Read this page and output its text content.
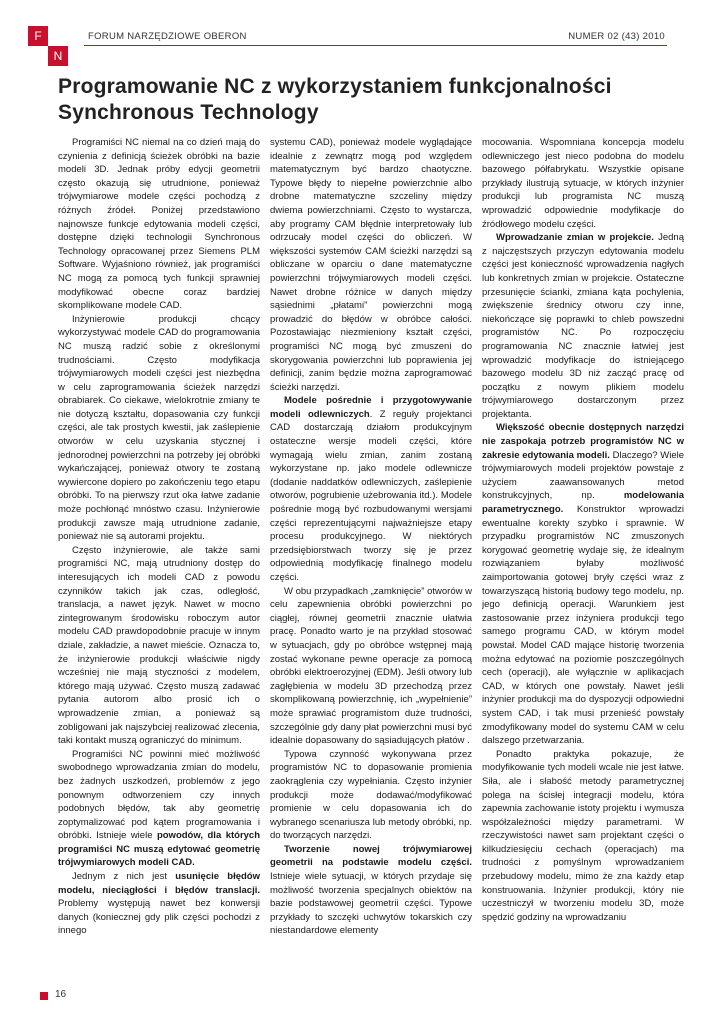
F
N
FORUM NARZĘDZIOWE OBERON	NUMER 02 (43) 2010
Programowanie NC z wykorzystaniem funkcjonalności Synchronous Technology

Programiści NC niemal na co dzień mają do czynienia z definicją ścieżek obróbki na bazie modeli 3D. Jednak próby edycji geometrii często okazują się utrudnione, ponieważ trójwymiarowe modele części pochodzą z różnych źródeł. Poniżej przedstawiono najnowsze funkcje edytowania modeli części, dostępne dzięki technologii Synchronous Technology opracowanej przez Siemens PLM Software. Wyjaśniono również, jak programiści NC mogą za pomocą tych funkcji sprawniej modyfikować obecne coraz bardziej skomplikowane modele CAD.

Inżynierowie produkcji chcący wykorzystywać modele CAD do programowania NC muszą radzić sobie z określonymi trudnościami. Często modyfikacja trójwymiarowych modeli części jest niezbędna w celu zaprogramowania ścieżek narzędzi obrabiarek. Co ciekawe, wielokrotnie zmiany te nie dotyczą kształtu, dopasowania czy funkcji części, ale tak prostych kwestii, jak zaślepienie otworów w celu uzyskania stycznej i jednorodnej powierzchni na potrzeby jej obróbki wykańczającej, ponieważ otwory te zostaną wywiercone dopiero po zakończeniu tego etapu obróbki. To na pierwszy rzut oka łatwe zadanie może pochłonąć mnóstwo czasu. Inżynierowie produkcji zawsze mają utrudnione zadanie, ponieważ nie są autorami projektu.

Często inżynierowie, ale także sami programiści NC, mają utrudniony dostęp do interesujących ich modeli CAD z powodu czynników takich jak czas, odległość, translacja, a nawet język. Nawet w mocno zintegrowanym środowisku roboczym autor modelu CAD prawdopodobnie pracuje w innym dziale, zakładzie, a nawet mieście. Oznacza to, że inżynierowie produkcji właściwie nigdy wcześniej nie mają styczności z modelem, którego mają używać. Często muszą zadawać pytania autorom albo prosić ich o wprowadzenie zmian, a ponieważ są zobligowani jak najszybciej realizować zlecenia, taki kontakt muszą ograniczyć do minimum.

Programiści NC powinni mieć możliwość swobodnego wprowadzania zmian do modelu, bez żadnych uszkodzeń, problemów z jego ponownym odtworzeniem czy innych podobnych błędów, tak aby geometrię zoptymalizować pod kątem programowania i obróbki. Istnieje wiele powodów, dla których programiści NC muszą edytować geometrię trójwymiarowych modeli CAD.

Jednym z nich jest usunięcie błędów modelu, nieciągłości i błędów translacji. Problemy występują nawet bez konwersji danych (koniecznej gdy plik części pochodzi z innego

systemu CAD), ponieważ modele wyglądające idealnie z zewnątrz mogą pod względem matematycznym być bardzo chaotyczne. Typowe błędy to niepełne powierzchnie albo drobne matematyczne szczeliny między dwiema powierzchniami. Często to wystarcza, aby programy CAM błędnie interpretowały lub odrzucały model części do obliczeń. W większości systemów CAM ścieżki narzędzi są obliczane w oparciu o dane matematyczne powierzchni trójwymiarowych modeli części. Nawet drobne różnice w danych między sąsiednimi „płatami” powierzchni mogą prowadzić do błędów w obróbce całości. Pozostawiając niezmieniony kształt części, programiści NC mogą być zmuszeni do skorygowania powierzchni lub poprawienia jej definicji, zanim będzie można zaprogramować ścieżki narzędzi.

Modele pośrednie i przygotowywanie modeli odlewniczych. Z reguły projektanci CAD dostarczają działom produkcyjnym ostateczne wersje modeli części, które wymagają wielu zmian, zanim zostaną wykorzystane np. jako modele odlewnicze (dodanie naddatków odlewniczych, zaślepienie otworów, pogrubienie użebrowania itd.). Modele pośrednie mogą być rozbudowanymi wersjami części reprezentującymi najważniejsze etapy procesu produkcyjnego. W niektórych przedsiębiorstwach tworzy się je przez odpowiednią modyfikację finalnego modelu części.

W obu przypadkach „zamknięcie” otworów w celu zapewnienia obróbki powierzchni po ciągłej, równej geometrii znacznie ułatwia pracę. Ponadto warto je na przykład stosować w sytuacjach, gdy po obróbce wstępnej mają zostać wykonane pewne operacje za pomocą obróbki elektroerozyjnej (EDM). Jeśli otwory lub zagłębienia w modelu 3D przechodzą przez skomplikowaną powierzchnię, ich „wypełnienie” może sprawiać programistom duże trudności, szczególnie gdy dany płat powierzchni musi być idealnie dopasowany do sąsiadujących płatów .

Typowa czynność wykonywana przez programistów NC to dopasowanie promienia zaokrąglenia czy wypełniania. Często inżynier produkcji może dodawać/modyfikować promienie w celu dopasowania ich do wybranego scenariusza lub metody obróbki, np. do tworzących narzędzi.

Tworzenie nowej trójwymiarowej geometrii na podstawie modelu części. Istnieje wiele sytuacji, w których przydaje się możliwość tworzenia specjalnych obiektów na bazie podstawowej geometrii części. Typowe przykłady to szczęki uchwytów tokarskich czy niestandardowe elementy

mocowania. Wspomniana koncepcja modelu odlewniczego jest nieco podobna do modelu bazowego półfabrykatu. Wszystkie opisane przykłady ilustrują sytuacje, w których inżynier produkcji lub programista NC muszą wprowadzić odpowiednie modyfikacje do źródłowego modelu części.

Wprowadzanie zmian w projekcie. Jedną z najczęstszych przyczyn edytowania modelu części jest konieczność wprowadzenia nagłych lub konkretnych zmian w projekcie. Ostateczne przesunięcie ścianki, zmiana kąta pochylenia, zwiększenie średnicy otworu czy inne, niekończące się poprawki to chleb powszedni programistów NC. Po rozpoczęciu programowania NC znacznie łatwiej jest wprowadzić modyfikacje do istniejącego bazowego modelu 3D niż zacząć pracę od początku z nowym plikiem modelu trójwymiarowego dostarczonym przez projektanta.

Większość obecnie dostępnych narzędzi nie zaspokaja potrzeb programistów NC w zakresie edytowania modeli. Dlaczego? Wiele trójwymiarowych modeli projektów powstaje z użyciem zaawansowanych metod konstrukcyjnych, np. modelowania parametrycznego. Konstruktor wprowadzi ewentualne korekty szybko i sprawnie. W przypadku programistów NC zmuszonych korygować geometrię wydaje się, że idealnym rozwiązaniem byłaby możliwość zaimportowania gotowej bryły części wraz z towarzyszącą historią budowy tego modelu, np. jego definicją operacji. Warunkiem jest zastosowanie przez inżyniera produkcji tego samego programu CAD, w którym model powstał. Model CAD mające historię tworzenia można edytować na poziomie poszczególnych cech (operacji), ale wyłącznie w aplikacjach CAD, w których one powstały. Nawet jeśli inżynier produkcji ma do dyspozycji odpowiedni system CAD, i tak musi przenieść powstały zmodyfikowany model do systemu CAM w celu dalszego przetwarzania.

Ponadto praktyka pokazuje, że modyfikowanie tych modeli wcale nie jest łatwe. Siła, ale i słabość metody parametrycznej polega na ścisłej integracji modelu, która zapewnia zachowanie istoty projektu i wymusza współzależności między parametrami. W rzeczywistości nawet sam projektant części o kilkudziesięciu cechach (operacjach) ma trudności z pomyślnym wprowadzaniem przebudowy modelu, mimo że zna każdy etap konstruowania. Inżynier produkcji, który nie uczestniczył w tworzeniu modelu 3D, może spędzić godziny na wprowadzaniu

16
